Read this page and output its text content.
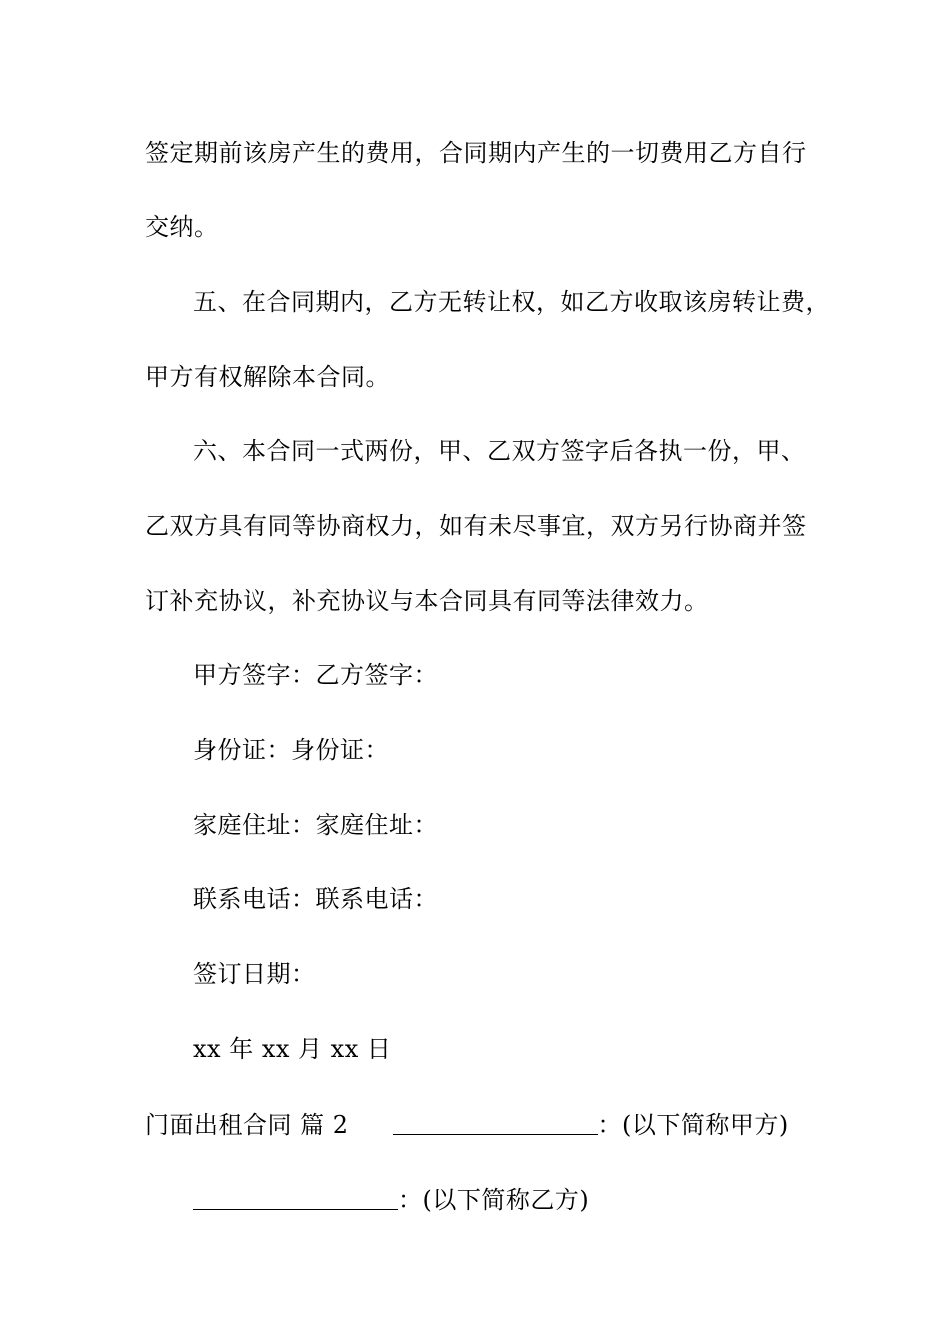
签定期前该房产生的费用，合同期内产生的一切费用乙方自行
交纳。
五、在合同期内，乙方无转让权，如乙方收取该房转让费，
甲方有权解除本合同。
六、本合同一式两份，甲、乙双方签字后各执一份，甲、
乙双方具有同等协商权力，如有未尽事宜，双方另行协商并签
订补充协议，补充协议与本合同具有同等法律效力。
甲方签字：乙方签字：
身份证：身份证：
家庭住址：家庭住址：
联系电话：联系电话：
签订日期：
xx 年 xx 月 xx 日
门面出租合同 篇 2	：(以下简称甲方)
：(以下简称乙方)
